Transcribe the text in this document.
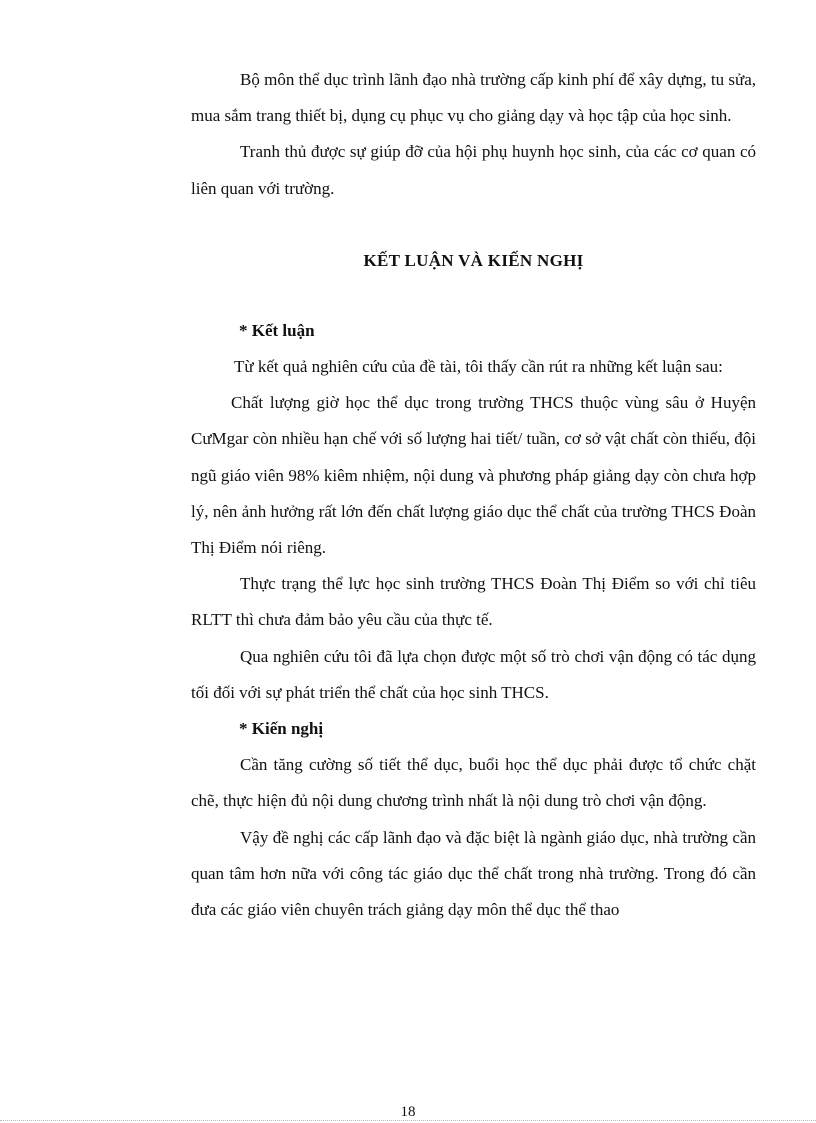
Bộ môn thể dục trình lãnh đạo nhà trường cấp kinh phí để xây dựng, tu sửa, mua sắm trang thiết bị, dụng cụ phục vụ cho giảng dạy và học tập của học sinh.

Tranh thủ được sự giúp đỡ của hội phụ huynh học sinh, của các cơ quan có liên quan với trường.

KẾT LUẬN VÀ KIẾN NGHỊ
* Kết luận

Từ kết quả nghiên cứu của đề tài, tôi thấy cần rút ra những kết luận sau:

Chất lượng giờ học thể dục trong trường THCS thuộc vùng sâu ở Huyện CưMgar còn nhiều hạn chế với số lượng hai tiết/ tuần, cơ sở vật chất còn thiếu, đội ngũ giáo viên 98% kiêm nhiệm, nội dung và phương pháp giảng dạy còn chưa hợp lý, nên ảnh hưởng rất lớn đến chất lượng giáo dục thể chất của trường THCS Đoàn Thị Điểm nói riêng.

Thực trạng thể lực học sinh trường THCS Đoàn Thị Điểm so với chỉ tiêu RLTT thì chưa đảm bảo yêu cầu của thực tế.

Qua nghiên cứu tôi đã lựa chọn được một số trò chơi vận động có tác dụng tối đối với sự phát triển thể chất của học sinh THCS.

* Kiến nghị

Cần tăng cường số tiết thể dục, buổi học thể dục phải được tổ chức chặt chẽ, thực hiện đủ nội dung chương trình nhất là nội dung trò chơi vận động.

Vậy đề nghị các cấp lãnh đạo và đặc biệt là ngành giáo dục, nhà trường cần quan tâm hơn nữa với công tác giáo dục thể chất trong nhà trường. Trong đó cần đưa các giáo viên chuyên trách giảng dạy môn thể dục thể thao

18
